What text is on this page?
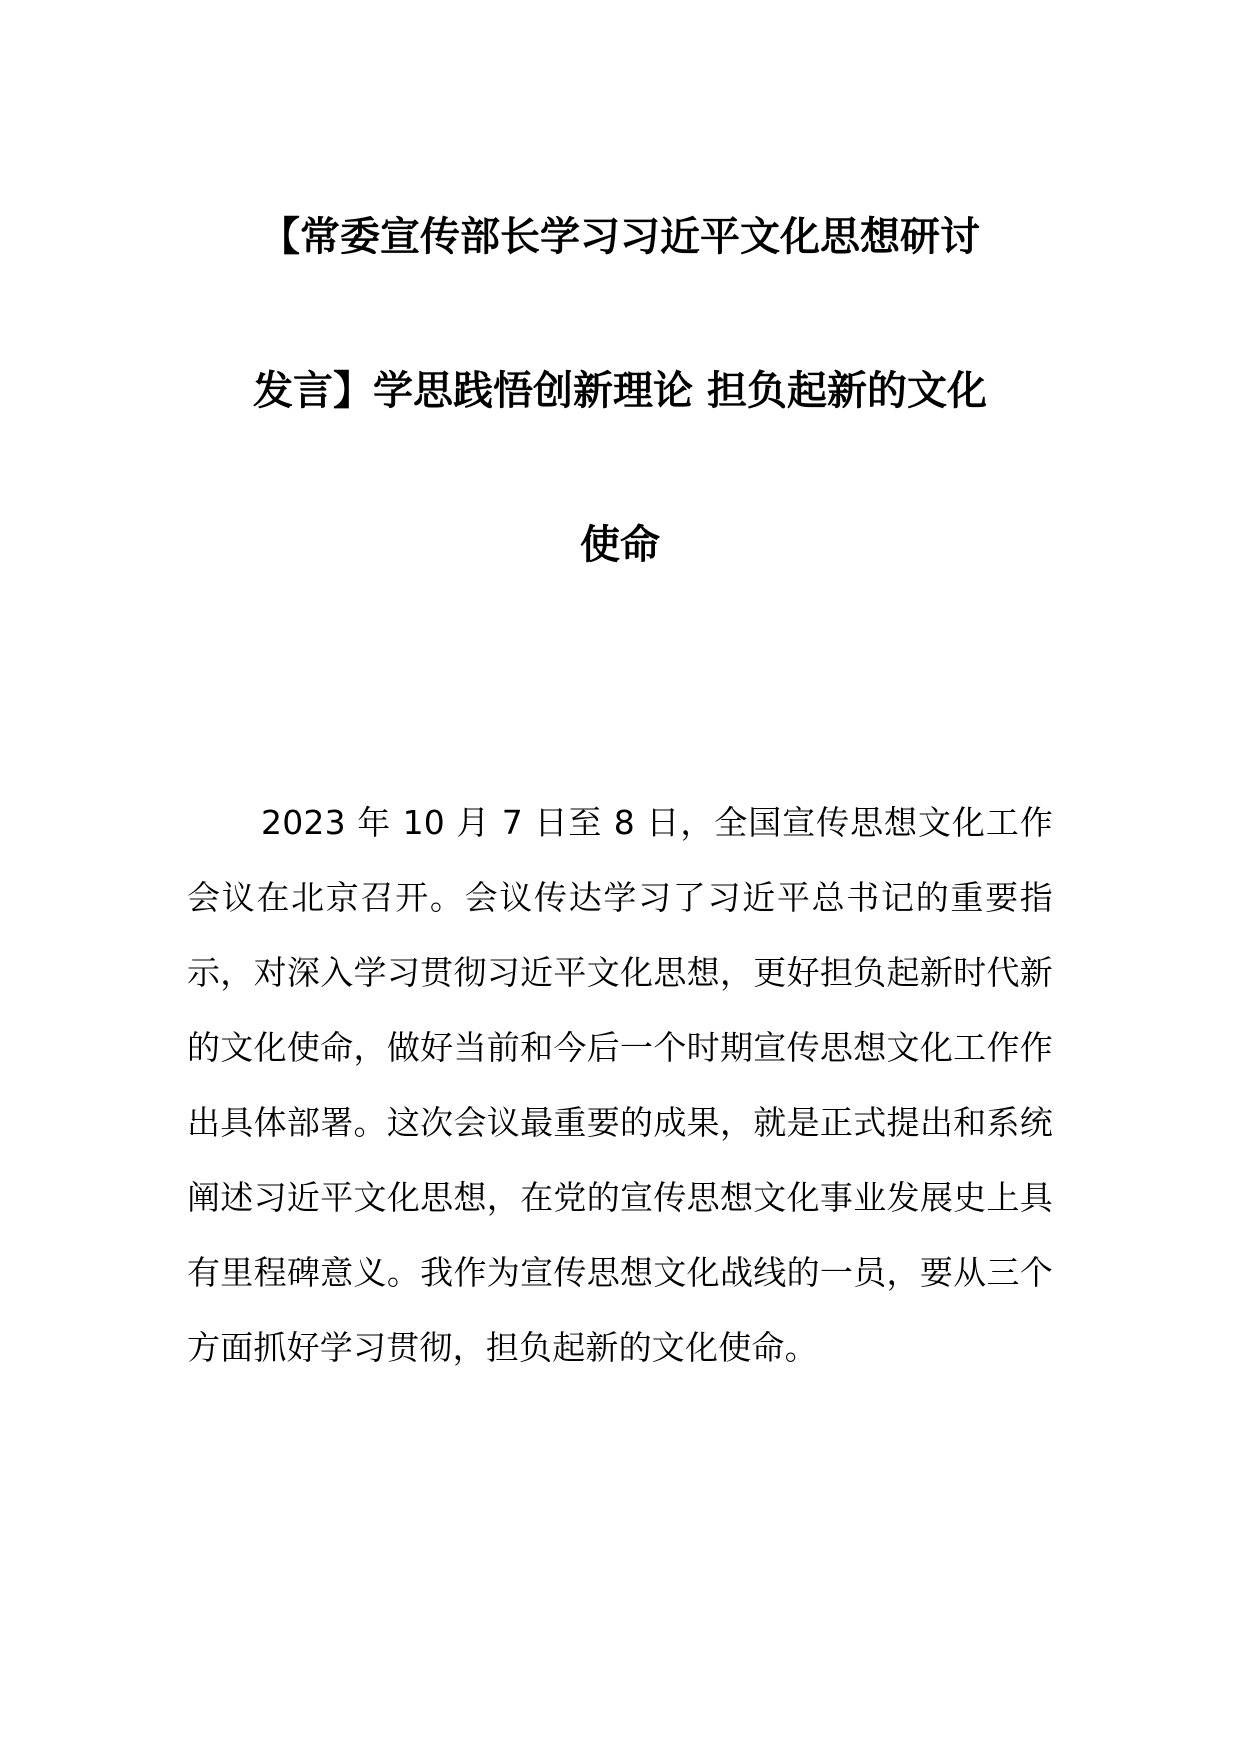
【常委宣传部长学习习近平文化思想研讨
发言】学思践悟创新理论 担负起新的文化
使命

2023 年 10 月 7 日至 8 日，全国宣传思想文化工作会议在北京召开。会议传达学习了习近平总书记的重要指示，对深入学习贯彻习近平文化思想，更好担负起新时代新的文化使命，做好当前和今后一个时期宣传思想文化工作作出具体部署。这次会议最重要的成果，就是正式提出和系统阐述习近平文化思想，在党的宣传思想文化事业发展史上具有里程碑意义。我作为宣传思想文化战线的一员，要从三个方面抓好学习贯彻，担负起新的文化使命。
